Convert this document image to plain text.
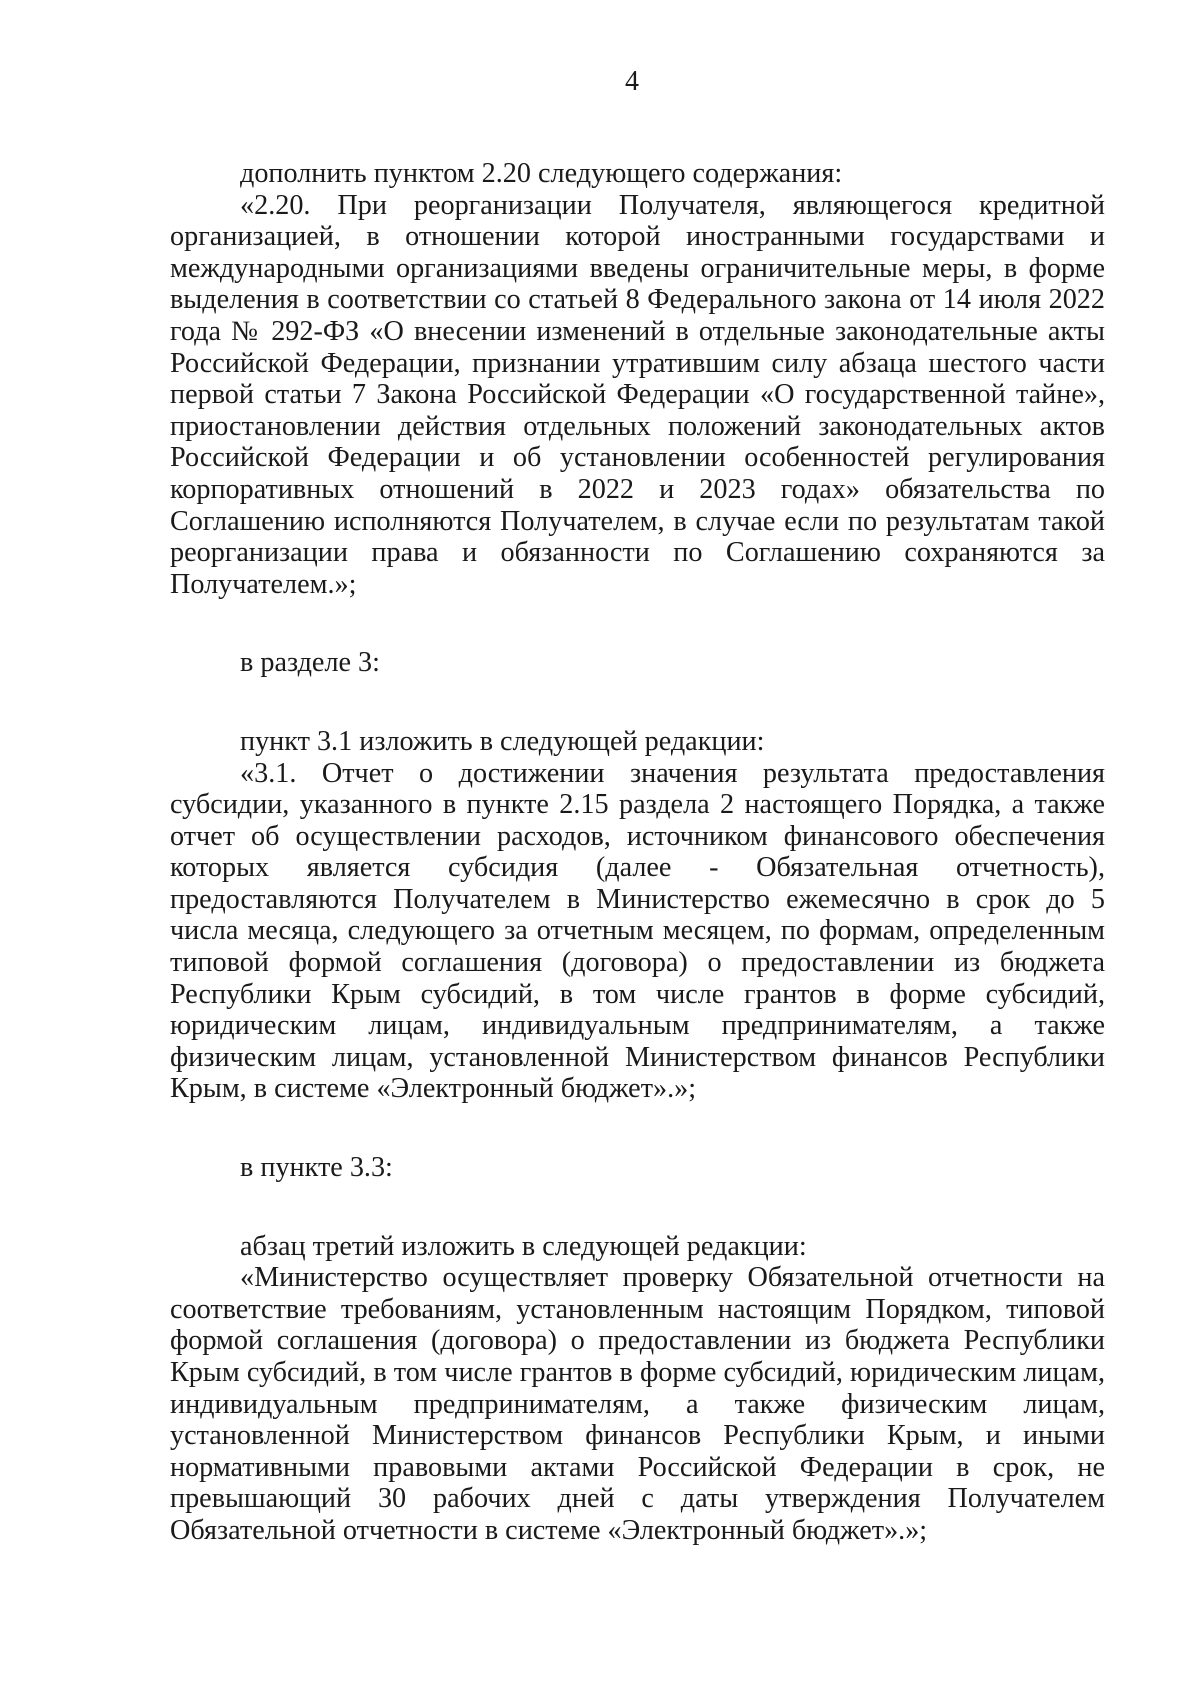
4

дополнить пунктом 2.20 следующего содержания:

«2.20. При реорганизации Получателя, являющегося кредитной организацией, в отношении которой иностранными государствами и международными организациями введены ограничительные меры, в форме выделения в соответствии со статьей 8 Федерального закона от 14 июля 2022 года № 292-ФЗ «О внесении изменений в отдельные законодательные акты Российской Федерации, признании утратившим силу абзаца шестого части первой статьи 7 Закона Российской Федерации «О государственной тайне», приостановлении действия отдельных положений законодательных актов Российской Федерации и об установлении особенностей регулирования корпоративных отношений в 2022 и 2023 годах» обязательства по Соглашению исполняются Получателем, в случае если по результатам такой реорганизации права и обязанности по Соглашению сохраняются за Получателем.»;

в разделе 3:

пункт 3.1 изложить в следующей редакции:

«3.1. Отчет о достижении значения результата предоставления субсидии, указанного в пункте 2.15 раздела 2 настоящего Порядка, а также отчет об осуществлении расходов, источником финансового обеспечения которых является субсидия (далее - Обязательная отчетность), предоставляются Получателем в Министерство ежемесячно в срок до 5 числа месяца, следующего за отчетным месяцем, по формам, определенным типовой формой соглашения (договора) о предоставлении из бюджета Республики Крым субсидий, в том числе грантов в форме субсидий, юридическим лицам, индивидуальным предпринимателям, а также физическим лицам, установленной Министерством финансов Республики Крым, в системе «Электронный бюджет».»;

в пункте 3.3:

абзац третий изложить в следующей редакции:

«Министерство осуществляет проверку Обязательной отчетности на соответствие требованиям, установленным настоящим Порядком, типовой формой соглашения (договора) о предоставлении из бюджета Республики Крым субсидий, в том числе грантов в форме субсидий, юридическим лицам, индивидуальным предпринимателям, а также физическим лицам, установленной Министерством финансов Республики Крым, и иными нормативными правовыми актами Российской Федерации в срок, не превышающий 30 рабочих дней с даты утверждения Получателем Обязательной отчетности в системе «Электронный бюджет».»;
